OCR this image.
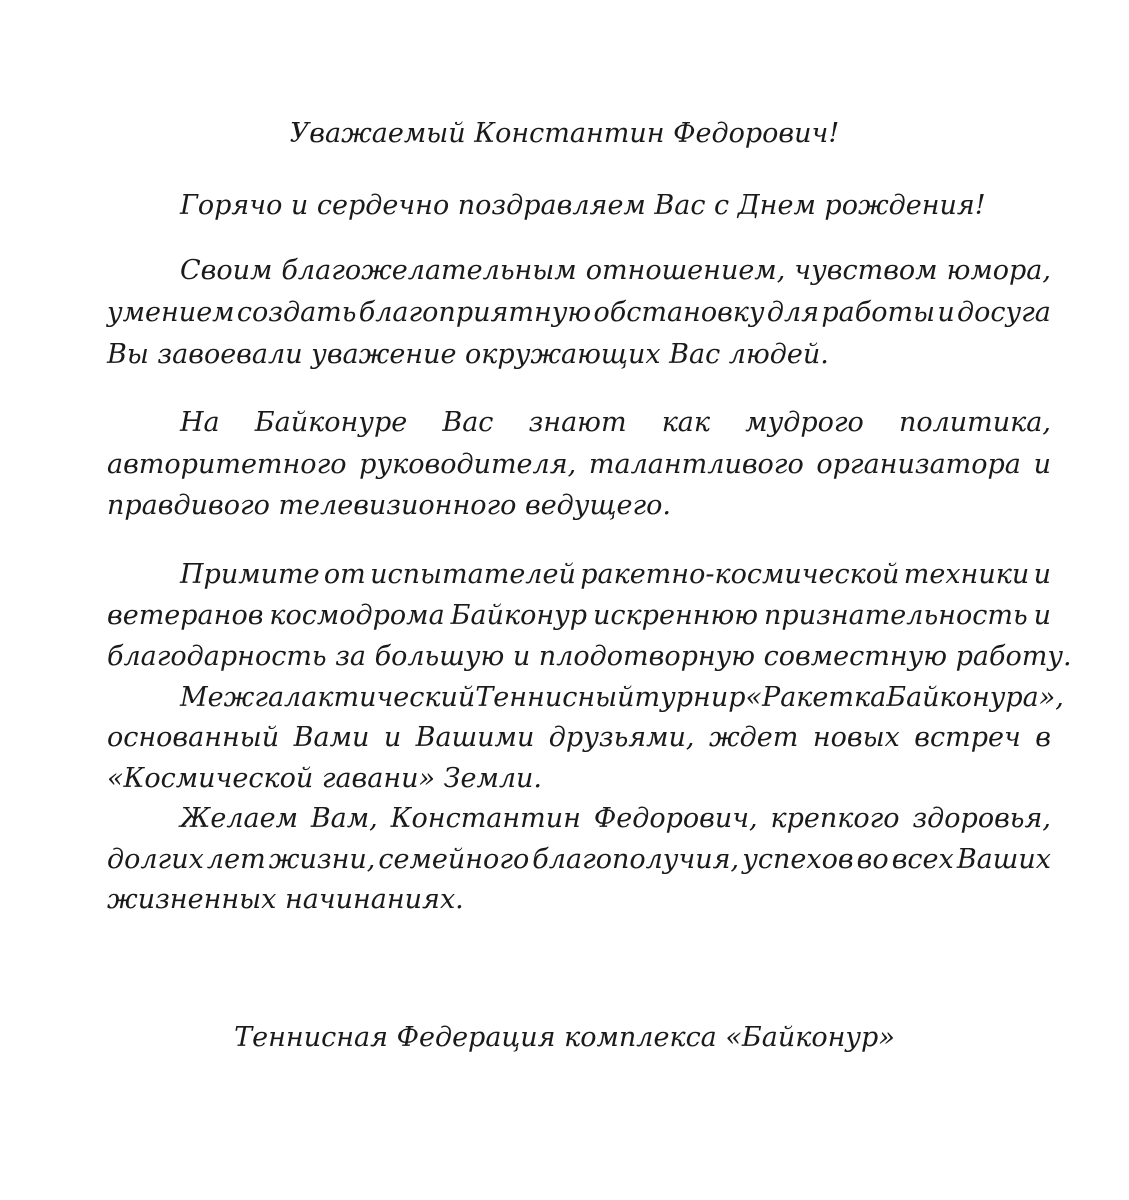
Уважаемый Константин Федорович!
Горячо и сердечно поздравляем Вас с Днем рождения!
Своим благожелательным отношением, чувством юмора,
умением создать благоприятную обстановку для работы и досуга
Вы завоевали уважение окружающих Вас людей.
На Байконуре Вас знают как мудрого политика,
авторитетного руководителя, талантливого организатора и
правдивого телевизионного ведущего.
Примите от испытателей ракетно-космической техники и
ветеранов космодрома Байконур искреннюю признательность и
благодарность за большую и плодотворную совместную работу.
Межгалактический Теннисный турнир «Ракетка Байконура»,
основанный Вами и Вашими друзьями, ждет новых встреч в
«Космической гавани» Земли.
Желаем Вам, Константин Федорович, крепкого здоровья,
долгих лет жизни, семейного благополучия, успехов во всех Ваших
жизненных начинаниях.
Теннисная Федерация комплекса «Байконур»
